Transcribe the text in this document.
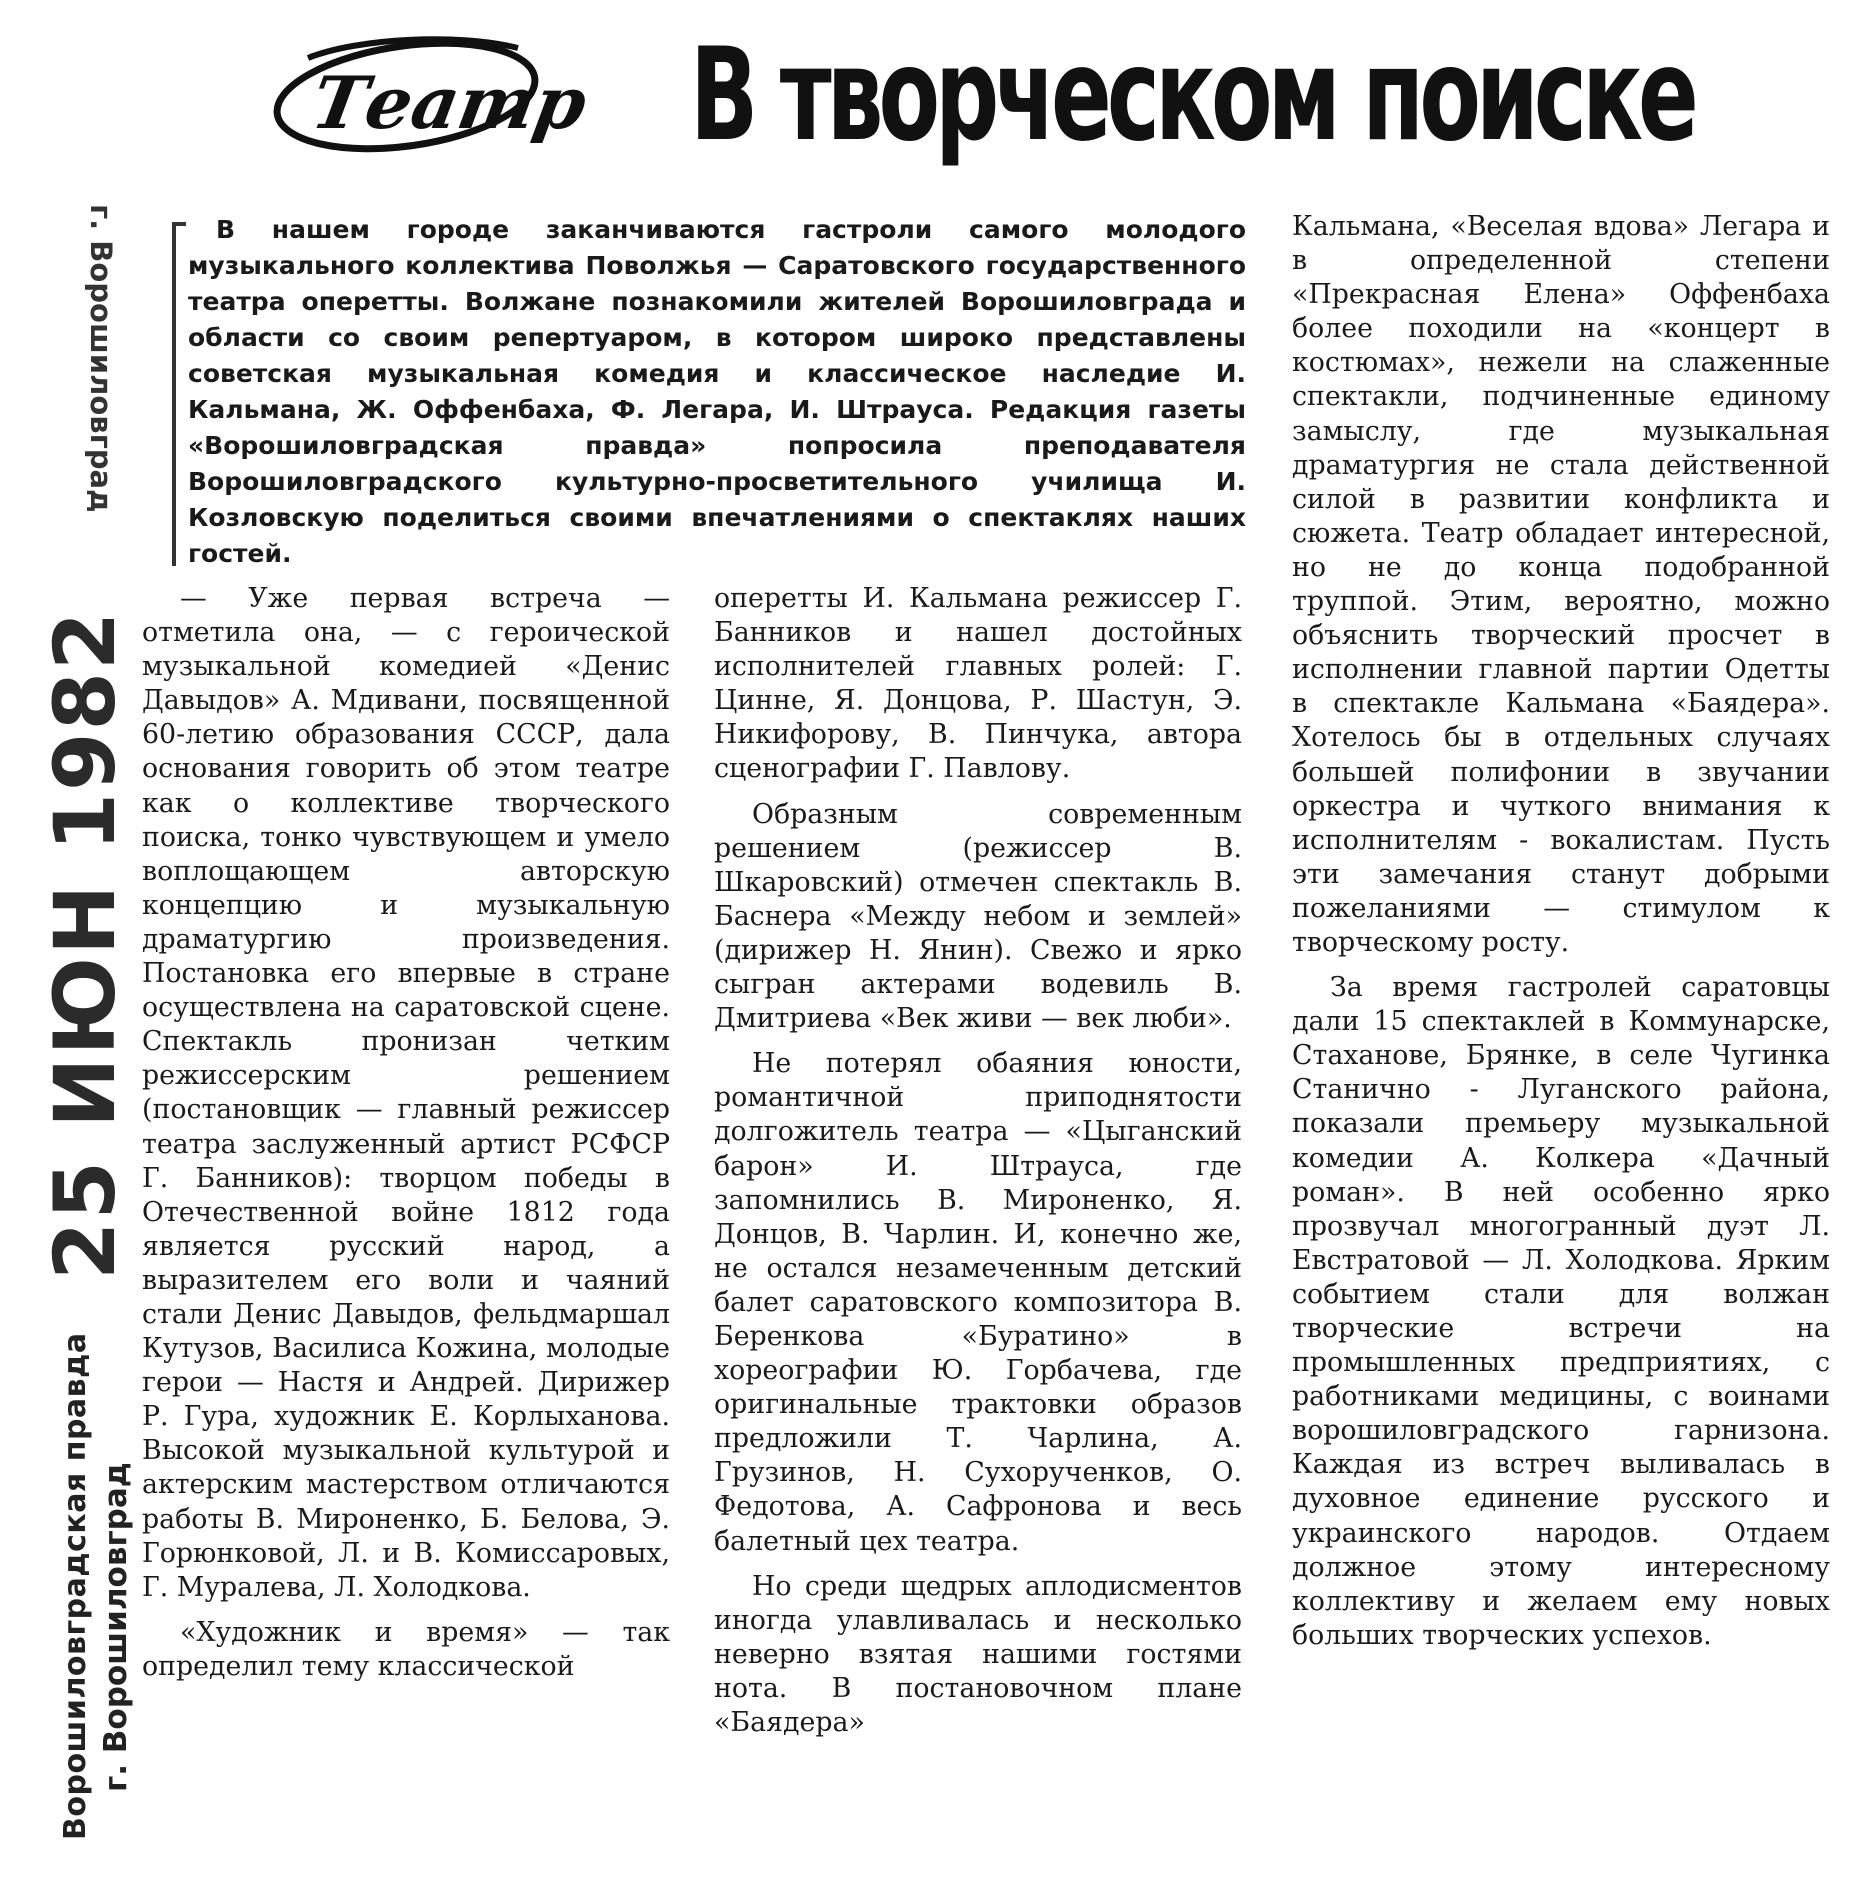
Театр В творческом поиске
Ворошиловградская правда г. Ворошиловград
25 ИЮН 1982
г. Ворошиловград	В нашем городе заканчиваются гастроли самого молодого музыкального коллектива Поволжья — Саратовского государственного театра оперетты. Волжане познакомили жителей Ворошиловграда и области со своим репертуаром, в котором широко представлены советская музыкальная комедия и классическое наследие И. Кальмана, Ж. Оффенбаха, Ф. Легара, И. Штрауса. Редакция газеты «Ворошиловградская правда» попросила преподавателя Ворошиловградского культурно-просветительного училища И. Козловскую поделиться своими впечатлениями о спектаклях наших гостей.

— Уже первая встреча — отметила она, — с героической музыкальной комедией «Денис Давыдов» А. Мдивани, посвященной 60-летию образования СССР, дала основания говорить об этом театре как о коллективе творческого поиска, тонко чувствующем и умело воплощающем авторскую концепцию и музыкальную драматургию произведения. Постановка его впервые в стране осуществлена на саратовской сцене. Спектакль пронизан четким режиссерским решением (постановщик — главный режиссер театра заслуженный артист РСФСР Г. Банников): творцом победы в Отечественной войне 1812 года является русский народ, а выразителем его воли и чаяний стали Денис Давыдов, фельдмаршал Кутузов, Василиса Кожина, молодые герои — Настя и Андрей. Дирижер Р. Гура, художник Е. Корлыханова. Высокой музыкальной культурой и актерским мастерством отличаются работы В. Мироненко, Б. Белова, Э. Горюнковой, Л. и В. Комиссаровых, Г. Муралева, Л. Холодкова.

«Художник и время» — так определил тему классической

оперетты И. Кальмана режиссер Г. Банников и нашел достойных исполнителей главных ролей: Г. Цинне, Я. Донцова, Р. Шастун, Э. Никифорову, В. Пинчука, автора сценографии Г. Павлову.

Образным современным решением (режиссер В. Шкаровский) отмечен спектакль В. Баснера «Между небом и землей» (дирижер Н. Янин). Свежо и ярко сыгран актерами водевиль В. Дмитриева «Век живи — век люби».

Не потерял обаяния юности, романтичной приподнятости долгожитель театра — «Цыганский барон» И. Штрауса, где запомнились В. Мироненко, Я. Донцов, В. Чарлин. И, конечно же, не остался незамеченным детский балет саратовского композитора В. Беренкова «Буратино» в хореографии Ю. Горбачева, где оригинальные трактовки образов предложили Т. Чарлина, А. Грузинов, Н. Сухорученков, О. Федотова, А. Сафронова и весь балетный цех театра.

Но среди щедрых аплодисментов иногда улавливалась и несколько неверно взятая нашими гостями нота. В постановочном плане «Баядера»

Кальмана, «Веселая вдова» Легара и в определенной степени «Прекрасная Елена» Оффенбаха более походили на «концерт в костюмах», нежели на слаженные спектакли, подчиненные единому замыслу, где музыкальная драматургия не стала действенной силой в развитии конфликта и сюжета. Театр обладает интересной, но не до конца подобранной труппой. Этим, вероятно, можно объяснить творческий просчет в исполнении главной партии Одетты в спектакле Кальмана «Баядера». Хотелось бы в отдельных случаях большей полифонии в звучании оркестра и чуткого внимания к исполнителям - вокалистам. Пусть эти замечания станут добрыми пожеланиями — стимулом к творческому росту.

За время гастролей саратовцы дали 15 спектаклей в Коммунарске, Стаханове, Брянке, в селе Чугинка Станично - Луганского района, показали премьеру музыкальной комедии А. Колкера «Дачный роман». В ней особенно ярко прозвучал многогранный дуэт Л. Евстратовой — Л. Холодкова. Ярким событием стали для волжан творческие встречи на промышленных предприятиях, с работниками медицины, с воинами ворошиловградского гарнизона. Каждая из встреч выливалась в духовное единение русского и украинского народов. Отдаем должное этому интересному коллективу и желаем ему новых больших творческих успехов.
